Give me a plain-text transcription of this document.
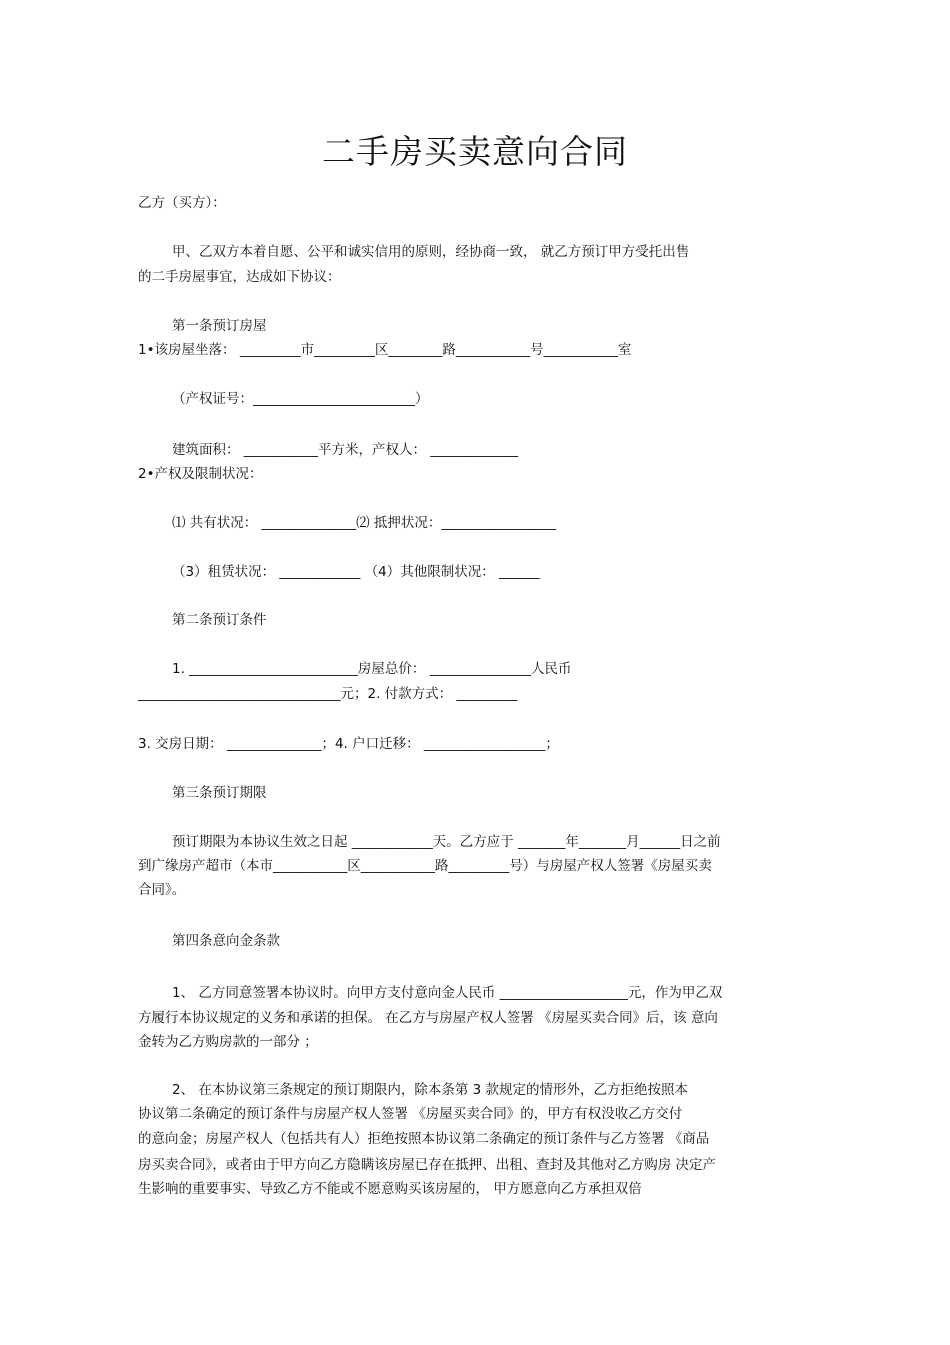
二手房买卖意向合同
乙方（买方）：
甲、乙双方本着自愿、公平和诚实信用的原则，经协商一致， 就乙方预订甲方受托出售
的二手房屋事宜，达成如下协议：
第一条预订房屋
1•该房屋坐落： _________市_________区________路___________号___________室
（产权证号：________________________）
建筑面积： ___________平方米，产权人： _____________
2•产权及限制状况：
⑴ 共有状况： ______________⑵ 抵押状况：_________________
（3）租赁状况： ____________ （4）其他限制状况： ______
第二条预订条件
1. _________________________房屋总价： _______________人民币
______________________________元；2. 付款方式： _________
3. 交房日期： ______________；4. 户口迁移： __________________；
第三条预订期限
预订期限为本协议生效之日起 ____________天。乙方应于 _______年_______月______日之前
到广缘房产超市（本市___________区___________路_________号）与房屋产权人签署《房屋买卖
合同》。
第四条意向金条款
1、 乙方同意签署本协议时。向甲方支付意向金人民币 ___________________元，作为甲乙双
方履行本协议规定的义务和承诺的担保。 在乙方与房屋产权人签署 《房屋买卖合同》后，该 意向
金转为乙方购房款的一部分 ；
2、 在本协议第三条规定的预订期限内，除本条第 3 款规定的情形外，乙方拒绝按照本
协议第二条确定的预订条件与房屋产权人签署 《房屋买卖合同》的，甲方有权没收乙方交付
的意向金；房屋产权人（包括共有人）拒绝按照本协议第二条确定的预订条件与乙方签署 《商品
房买卖合同》，或者由于甲方向乙方隐瞒该房屋已存在抵押、出租、查封及其他对乙方购房 决定产
生影响的重要事实、导致乙方不能或不愿意购买该房屋的， 甲方愿意向乙方承担双倍
